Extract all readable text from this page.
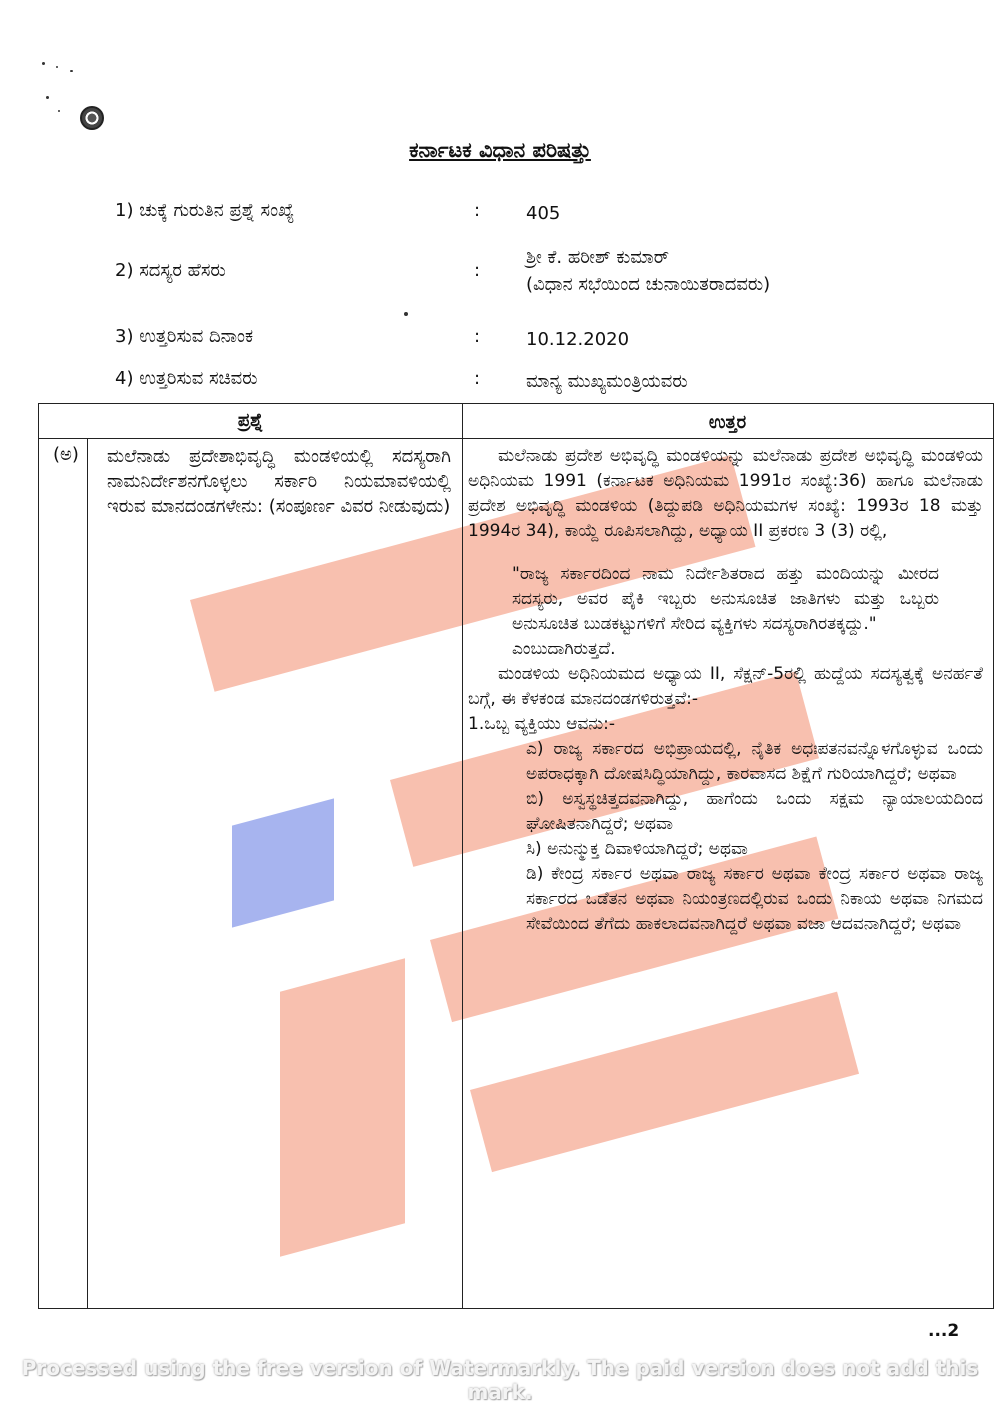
ಕರ್ನಾಟಕ ವಿಧಾನ ಪರಿಷತ್ತು
1) ಚುಕ್ಕೆ ಗುರುತಿನ ಪ್ರಶ್ನೆ ಸಂಖ್ಯೆ	:	405
2) ಸದಸ್ಯರ ಹೆಸರು	:
ಶ್ರೀ ಕೆ. ಹರೀಶ್ ಕುಮಾರ್
(ವಿಧಾನ ಸಭೆಯಿಂದ ಚುನಾಯಿತರಾದವರು)
3) ಉತ್ತರಿಸುವ ದಿನಾಂಕ	:	10.12.2020
4) ಉತ್ತರಿಸುವ ಸಚಿವರು	:	ಮಾನ್ಯ ಮುಖ್ಯಮಂತ್ರಿಯವರು
ಪ್ರಶ್ನೆ	ಉತ್ತರ
(ಅ) ಮಲೆನಾಡು ಪ್ರದೇಶಾಭಿವೃದ್ಧಿ ಮಂಡಳಿಯಲ್ಲಿ ಸದಸ್ಯರಾಗಿ ನಾಮನಿರ್ದೇಶನಗೊಳ್ಳಲು ಸರ್ಕಾರಿ ನಿಯಮಾವಳಿಯಲ್ಲಿ ಇರುವ ಮಾನದಂಡಗಳೇನು: (ಸಂಪೂರ್ಣ ವಿವರ ನೀಡುವುದು)

ಮಲೆನಾಡು ಪ್ರದೇಶ ಅಭಿವೃದ್ಧಿ ಮಂಡಳಿಯನ್ನು ಮಲೆನಾಡು ಪ್ರದೇಶ ಅಭಿವೃದ್ಧಿ ಮಂಡಳಿಯ ಅಧಿನಿಯಮ 1991 (ಕರ್ನಾಟಕ ಅಧಿನಿಯಮ 1991ರ ಸಂಖ್ಯೆ:36) ಹಾಗೂ ಮಲೆನಾಡು ಪ್ರದೇಶ ಅಭಿವೃದ್ಧಿ ಮಂಡಳಿಯ (ತಿದ್ದುಪಡಿ ಅಧಿನಿಯಮಗಳ ಸಂಖ್ಯೆ: 1993ರ 18 ಮತ್ತು 1994ರ 34), ಕಾಯ್ದೆ ರೂಪಿಸಲಾಗಿದ್ದು, ಅಧ್ಯಾಯ II ಪ್ರಕರಣ 3 (3) ರಲ್ಲಿ,

"ರಾಜ್ಯ ಸರ್ಕಾರದಿಂದ ನಾಮ ನಿರ್ದೇಶಿತರಾದ ಹತ್ತು ಮಂದಿಯನ್ನು ಮೀರದ ಸದಸ್ಯರು, ಅವರ ಪೈಕಿ ಇಬ್ಬರು ಅನುಸೂಚಿತ ಜಾತಿಗಳು ಮತ್ತು ಒಬ್ಬರು ಅನುಸೂಚಿತ ಬುಡಕಟ್ಟುಗಳಿಗೆ ಸೇರಿದ ವ್ಯಕ್ತಿಗಳು ಸದಸ್ಯರಾಗಿರತಕ್ಕದ್ದು."

ಎಂಬುದಾಗಿರುತ್ತದೆ.

ಮಂಡಳಿಯ ಅಧಿನಿಯಮದ ಅಧ್ಯಾಯ II, ಸೆಕ್ಷನ್-5ರಲ್ಲಿ ಹುದ್ದೆಯ ಸದಸ್ಯತ್ವಕ್ಕೆ ಅನರ್ಹತೆ ಬಗ್ಗೆ, ಈ ಕೆಳಕಂಡ ಮಾನದಂಡಗಳಿರುತ್ತವೆ:-

1.ಒಬ್ಬ ವ್ಯಕ್ತಿಯು ಆವನು:-

ಎ) ರಾಜ್ಯ ಸರ್ಕಾರದ ಅಭಿಪ್ರಾಯದಲ್ಲಿ, ನೈತಿಕ ಅಧಃಪತನವನ್ನೊಳಗೊಳ್ಳುವ ಒಂದು ಅಪರಾಧಕ್ಕಾಗಿ ದೋಷಸಿದ್ಧಿಯಾಗಿದ್ದು, ಕಾರವಾಸದ ಶಿಕ್ಷೆಗೆ ಗುರಿಯಾಗಿದ್ದರೆ; ಅಥವಾ

ಬಿ) ಅಸ್ವಸ್ಥಚಿತ್ತದವನಾಗಿದ್ದು, ಹಾಗೆಂದು ಒಂದು ಸಕ್ಷಮ ನ್ಯಾಯಾಲಯದಿಂದ ಘೋಷಿತನಾಗಿದ್ದರೆ; ಅಥವಾ

ಸಿ) ಅನುನ್ಮುಕ್ತ ದಿವಾಳಿಯಾಗಿದ್ದರೆ; ಅಥವಾ

ಡಿ) ಕೇಂದ್ರ ಸರ್ಕಾರ ಅಥವಾ ರಾಜ್ಯ ಸರ್ಕಾರ ಅಥವಾ ಕೇಂದ್ರ ಸರ್ಕಾರ ಅಥವಾ ರಾಜ್ಯ ಸರ್ಕಾರದ ಒಡೆತನ ಅಥವಾ ನಿಯಂತ್ರಣದಲ್ಲಿರುವ ಒಂದು ನಿಕಾಯ ಅಥವಾ ನಿಗಮದ ಸೇವೆಯಿಂದ ತೆಗೆದು ಹಾಕಲಾದವನಾಗಿದ್ದರೆ ಅಥವಾ ವಜಾ ಆದವನಾಗಿದ್ದರೆ; ಅಥವಾ

...2
Processed using the free version of Watermarkly. The paid version does not add this mark.
